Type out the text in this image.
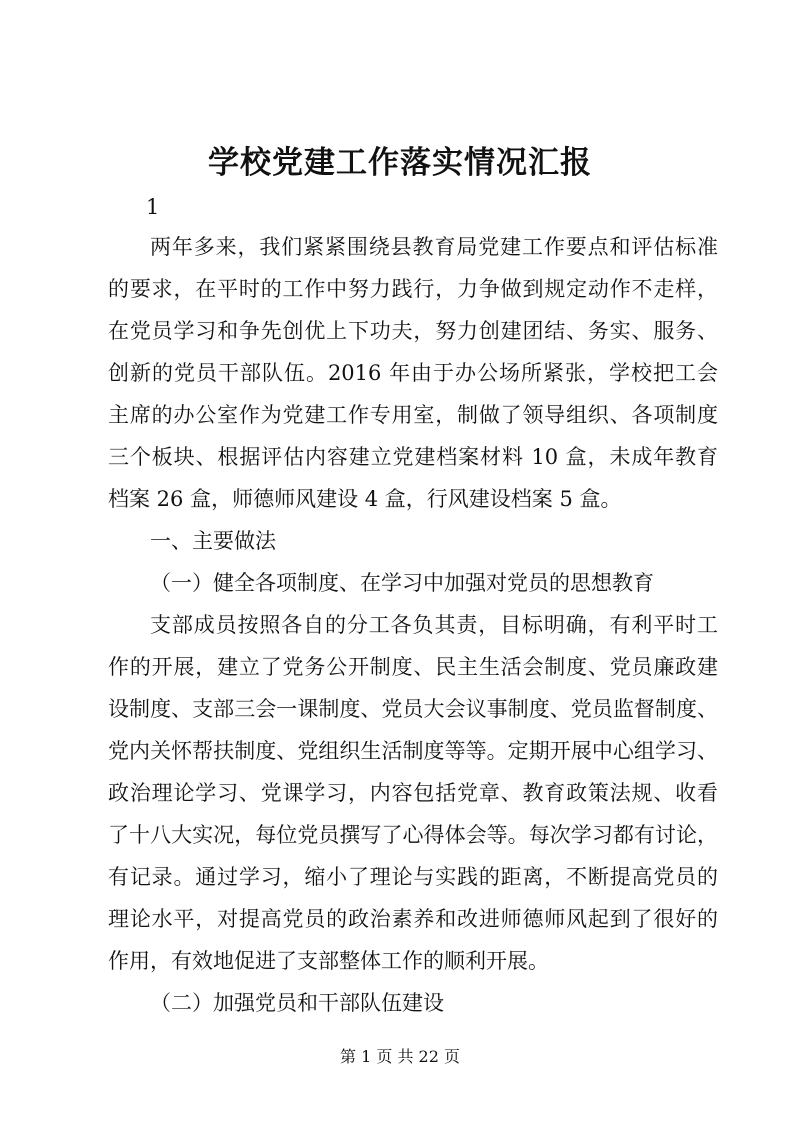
学校党建工作落实情况汇报
1
两年多来，我们紧紧围绕县教育局党建工作要点和评估标准
的要求，在平时的工作中努力践行，力争做到规定动作不走样，
在党员学习和争先创优上下功夫，努力创建团结、务实、服务、
创新的党员干部队伍。2016 年由于办公场所紧张，学校把工会
主席的办公室作为党建工作专用室，制做了领导组织、各项制度
三个板块、根据评估内容建立党建档案材料 10 盒，未成年教育
档案 26 盒，师德师风建设 4 盒，行风建设档案 5 盒。
一、主要做法
（一）健全各项制度、在学习中加强对党员的思想教育
支部成员按照各自的分工各负其责，目标明确，有利平时工
作的开展，建立了党务公开制度、民主生活会制度、党员廉政建
设制度、支部三会一课制度、党员大会议事制度、党员监督制度、
党内关怀帮扶制度、党组织生活制度等等。定期开展中心组学习、
政治理论学习、党课学习，内容包括党章、教育政策法规、收看
了十八大实况，每位党员撰写了心得体会等。每次学习都有讨论，
有记录。通过学习，缩小了理论与实践的距离，不断提高党员的
理论水平，对提高党员的政治素养和改进师德师风起到了很好的
作用，有效地促进了支部整体工作的顺利开展。
（二）加强党员和干部队伍建设
第 1 页 共 22 页
